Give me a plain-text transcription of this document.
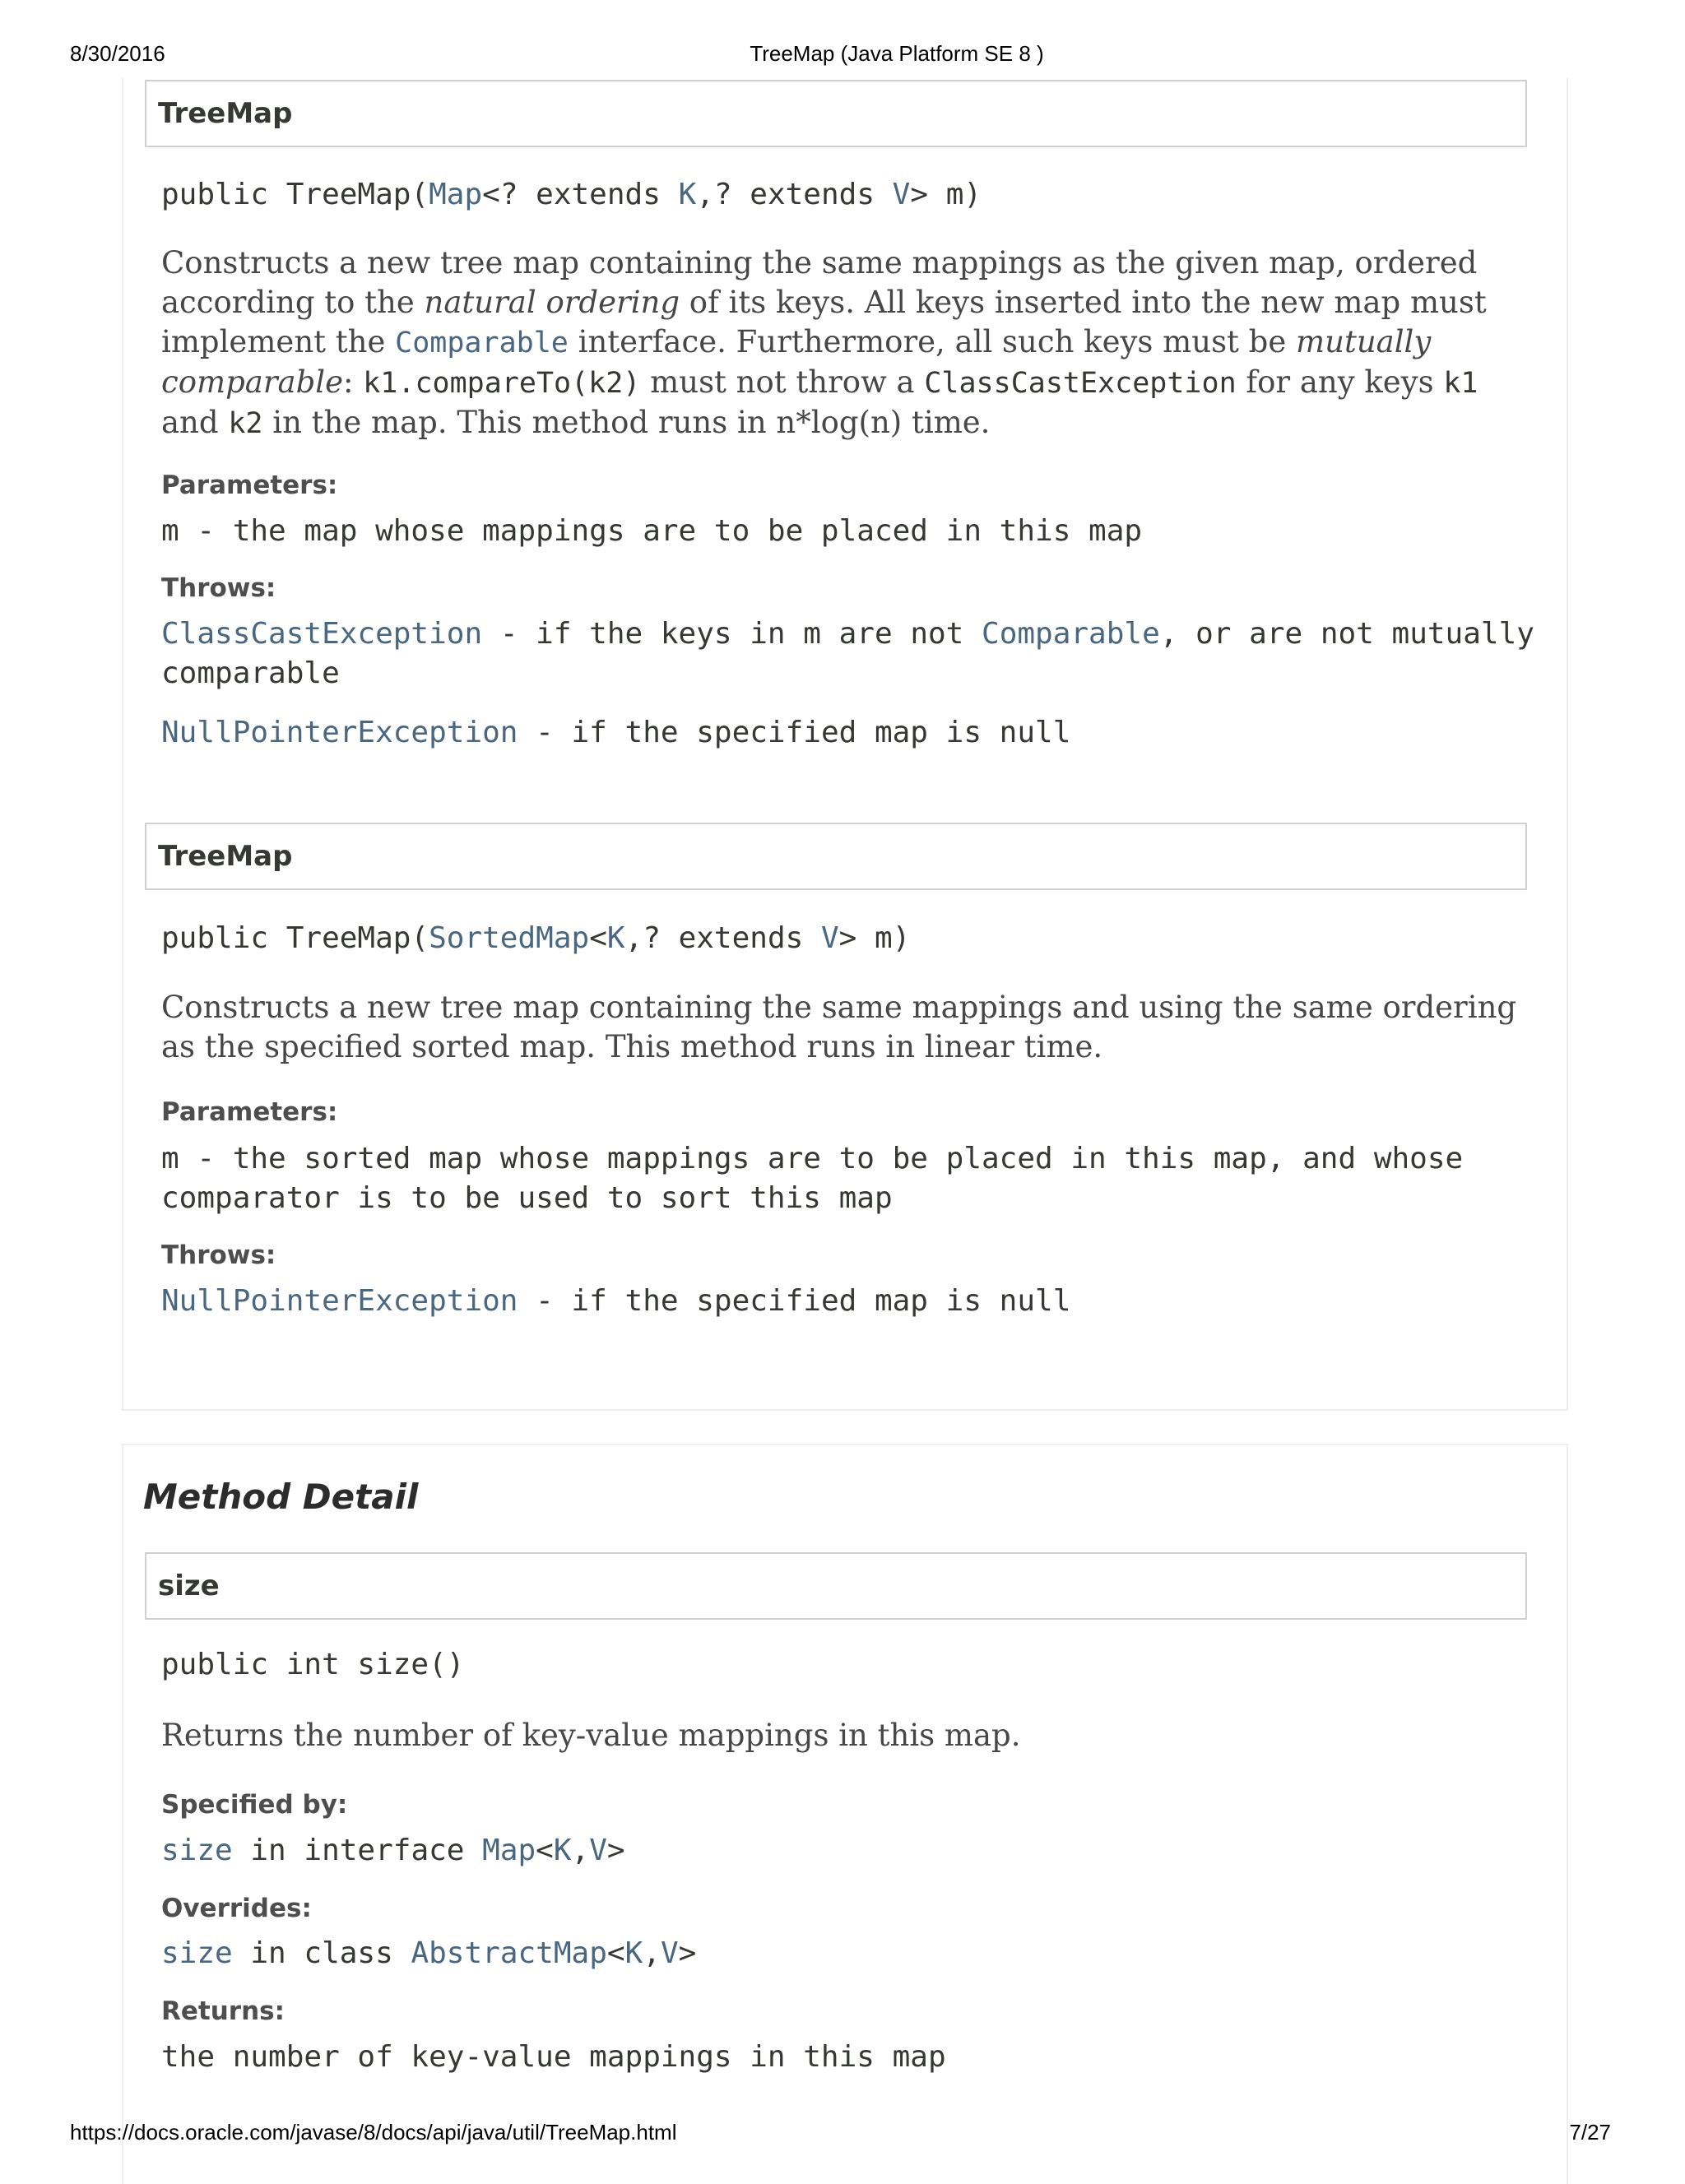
8/30/2016	TreeMap (Java Platform SE 8 )
TreeMap
public TreeMap(Map<? extends K,? extends V> m)

Constructs a new tree map containing the same mappings as the given map, ordered according to the natural ordering of its keys. All keys inserted into the new map must implement the Comparable interface. Furthermore, all such keys must be mutually comparable: k1.compareTo(k2) must not throw a ClassCastException for any keys k1 and k2 in the map. This method runs in n*log(n) time.

Parameters:
m - the map whose mappings are to be placed in this map
Throws:
ClassCastException - if the keys in m are not Comparable, or are not mutually
comparable
NullPointerException - if the specified map is null
TreeMap
public TreeMap(SortedMap<K,? extends V> m)

Constructs a new tree map containing the same mappings and using the same ordering as the specified sorted map. This method runs in linear time.

Parameters:
m - the sorted map whose mappings are to be placed in this map, and whose
comparator is to be used to sort this map
Throws:
NullPointerException - if the specified map is null
Method Detail
size
public int size()

Returns the number of key-value mappings in this map.

Specified by:
size in interface Map<K,V>
Overrides:
size in class AbstractMap<K,V>
Returns:
the number of key-value mappings in this map
https://docs.oracle.com/javase/8/docs/api/java/util/TreeMap.html	7/27
